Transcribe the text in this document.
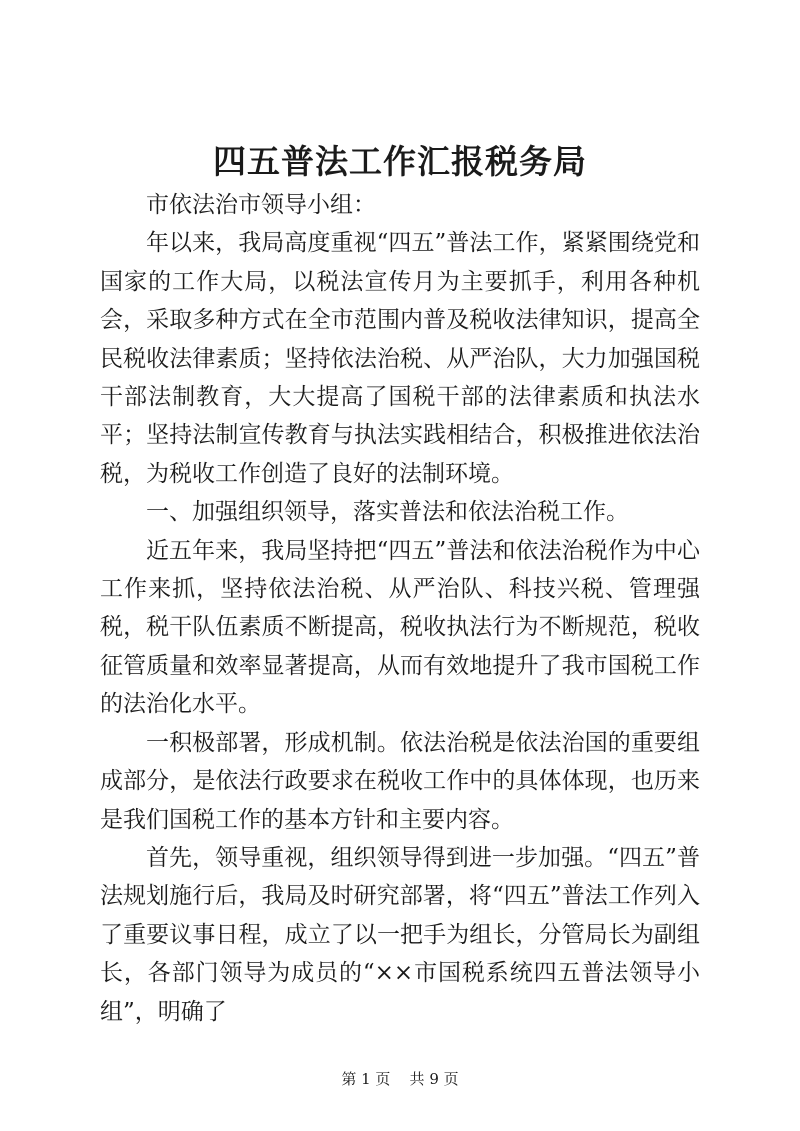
四五普法工作汇报税务局

市依法治市领导小组：

年以来，我局高度重视“四五”普法工作，紧紧围绕党和国家的工作大局，以税法宣传月为主要抓手，利用各种机会，采取多种方式在全市范围内普及税收法律知识，提高全民税收法律素质；坚持依法治税、从严治队，大力加强国税干部法制教育，大大提高了国税干部的法律素质和执法水平；坚持法制宣传教育与执法实践相结合，积极推进依法治税，为税收工作创造了良好的法制环境。

一、加强组织领导，落实普法和依法治税工作。

近五年来，我局坚持把“四五”普法和依法治税作为中心工作来抓，坚持依法治税、从严治队、科技兴税、管理强税，税干队伍素质不断提高，税收执法行为不断规范，税收征管质量和效率显著提高，从而有效地提升了我市国税工作的法治化水平。

一积极部署，形成机制。依法治税是依法治国的重要组成部分，是依法行政要求在税收工作中的具体体现，也历来是我们国税工作的基本方针和主要内容。

首先，领导重视，组织领导得到进一步加强。“四五”普法规划施行后，我局及时研究部署，将“四五”普法工作列入了重要议事日程，成立了以一把手为组长，分管局长为副组长，各部门领导为成员的“××市国税系统四五普法领导小组”，明确了

第 1 页 共 9 页
